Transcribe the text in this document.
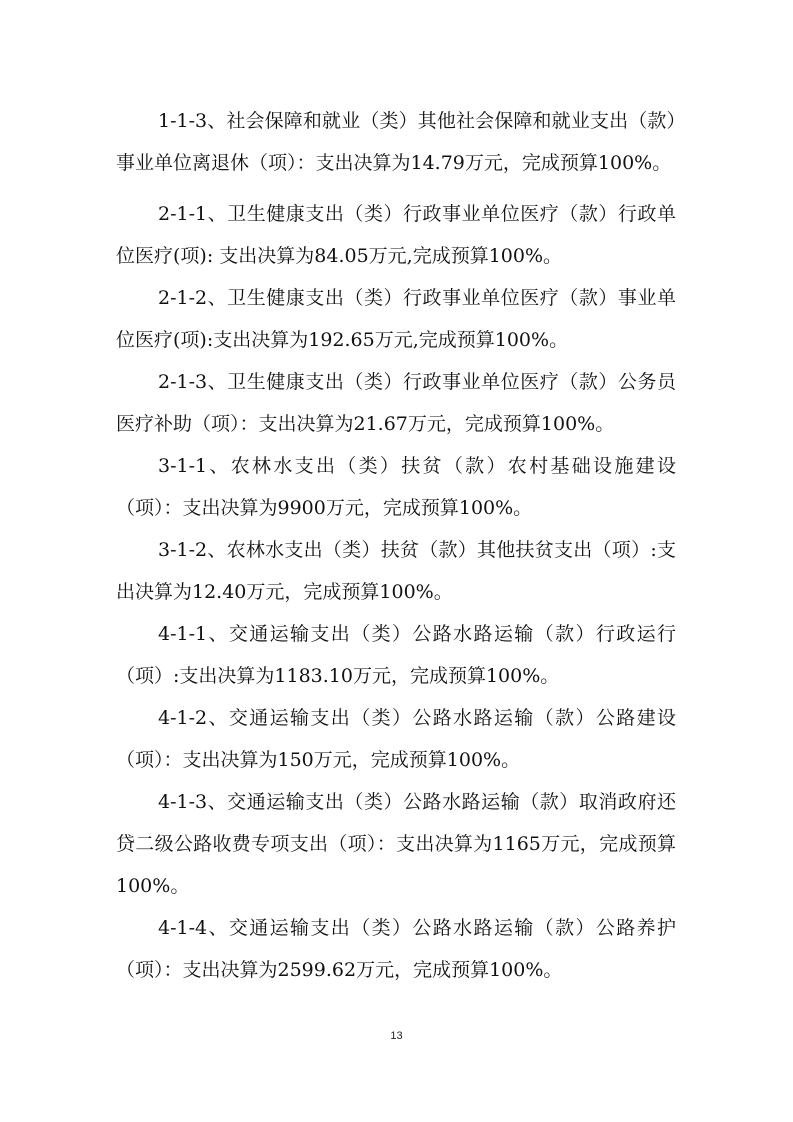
1-1-3、社会保障和就业（类）其他社会保障和就业支出（款）事业单位离退休（项）：支出决算为14.79万元，完成预算100%。

2-1-1、卫生健康支出（类）行政事业单位医疗（款）行政单位医疗(项): 支出决算为84.05万元,完成预算100%。

2-1-2、卫生健康支出（类）行政事业单位医疗（款）事业单位医疗(项):支出决算为192.65万元,完成预算100%。

2-1-3、卫生健康支出（类）行政事业单位医疗（款）公务员医疗补助（项）：支出决算为21.67万元，完成预算100%。

3-1-1、农林水支出（类）扶贫（款）农村基础设施建设（项）：支出决算为9900万元，完成预算100%。

3-1-2、农林水支出（类）扶贫（款）其他扶贫支出（项）:支出决算为12.40万元，完成预算100%。

4-1-1、交通运输支出（类）公路水路运输（款）行政运行（项）:支出决算为1183.10万元，完成预算100%。

4-1-2、交通运输支出（类）公路水路运输（款）公路建设（项）：支出决算为150万元，完成预算100%。

4-1-3、交通运输支出（类）公路水路运输（款）取消政府还贷二级公路收费专项支出（项）：支出决算为1165万元，完成预算100%。

4-1-4、交通运输支出（类）公路水路运输（款）公路养护（项）：支出决算为2599.62万元，完成预算100%。

13
